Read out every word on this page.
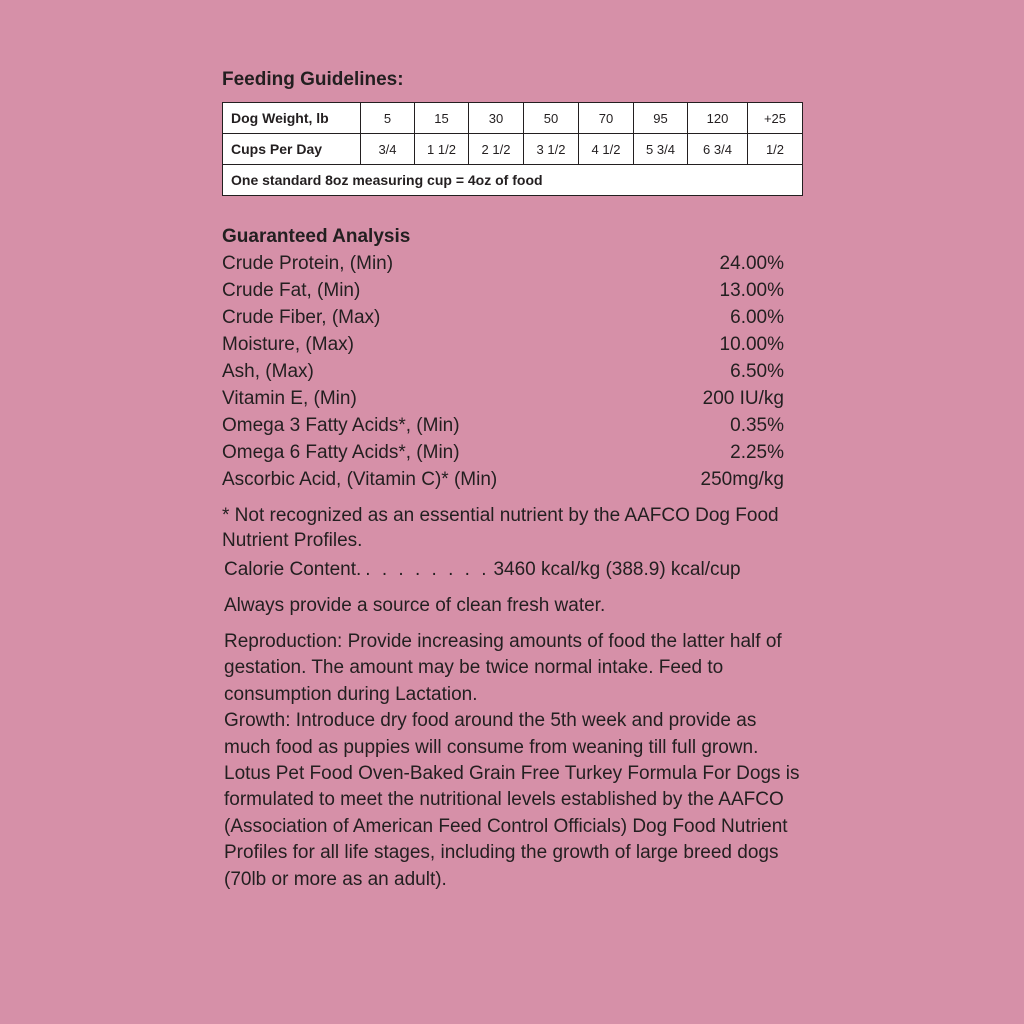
Feeding Guidelines:
Dog Weight, lb	5	15	30	50	70	95	120	+25
Cups Per Day	3/4	1 1/2	2 1/2	3 1/2	4 1/2	5 3/4	6 3/4	1/2
One standard 8oz measuring cup = 4oz of food								
Guaranteed Analysis
Crude Protein, (Min)	24.00%
Crude Fat, (Min)	13.00%
Crude Fiber, (Max)	6.00%
Moisture, (Max)	10.00%
Ash, (Max)	6.50%
Vitamin E, (Min)	200 IU/kg
Omega 3 Fatty Acids*, (Min)	0.35%
Omega 6 Fatty Acids*, (Min)	2.25%
Ascorbic Acid, (Vitamin C)* (Min)	250mg/kg
* Not recognized as an essential nutrient by the AAFCO Dog Food Nutrient Profiles.
Calorie Content. . . . . . . . . 3460 kcal/kg (388.9) kcal/cup
Always provide a source of clean fresh water.

Reproduction: Provide increasing amounts of food the latter half of gestation. The amount may be twice normal intake. Feed to consumption during Lactation.

Growth: Introduce dry food around the 5th week and provide as much food as puppies will consume from weaning till full grown.

Lotus Pet Food Oven-Baked Grain Free Turkey Formula For Dogs is formulated to meet the nutritional levels established by the AAFCO (Association of American Feed Control Officials) Dog Food Nutrient Profiles for all life stages, including the growth of large breed dogs (70lb or more as an adult).
